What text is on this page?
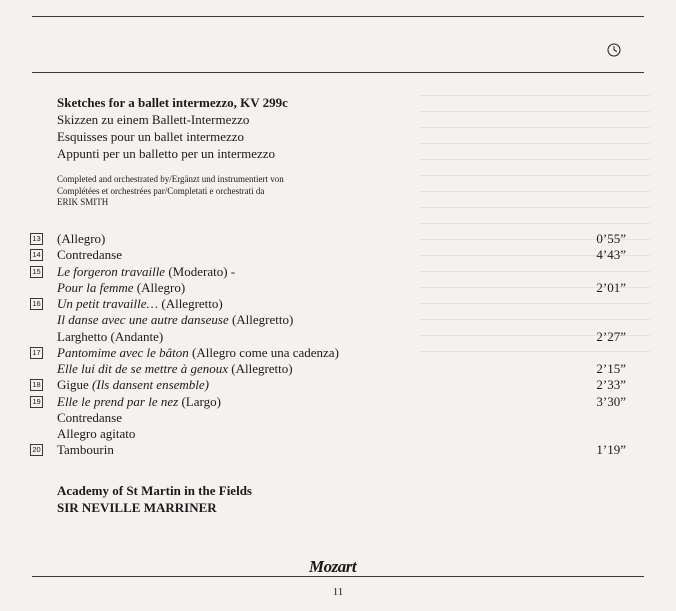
Sketches for a ballet intermezzo, KV 299c
Skizzen zu einem Ballett-Intermezzo
Esquisses pour un ballet intermezzo
Appunti per un balletto per un intermezzo
Completed and orchestrated by/Ergänzt und instrumentiert von
Complétées et orchestrées par/Completati e orchestrati da
ERIK SMITH
13 (Allegro)	0’55”
14 Contredanse	4’43”
15 Le forgeron travaille (Moderato) -
Pour la femme (Allegro)	2’01”
16 Un petit travaille… (Allegretto)
Il danse avec une autre danseuse (Allegretto)
Larghetto (Andante)	2’27”
17 Pantomime avec le bâton (Allegro come una cadenza)
Elle lui dit de se mettre à genoux (Allegretto)	2’15”
18 Gigue (Ils dansent ensemble)	2’33”
19 Elle le prend par le nez (Largo)	3’30”
Contredanse
Allegro agitato
20 Tambourin	1’19”
Academy of St Martin in the Fields
SIR NEVILLE MARRINER
Mozart
11
